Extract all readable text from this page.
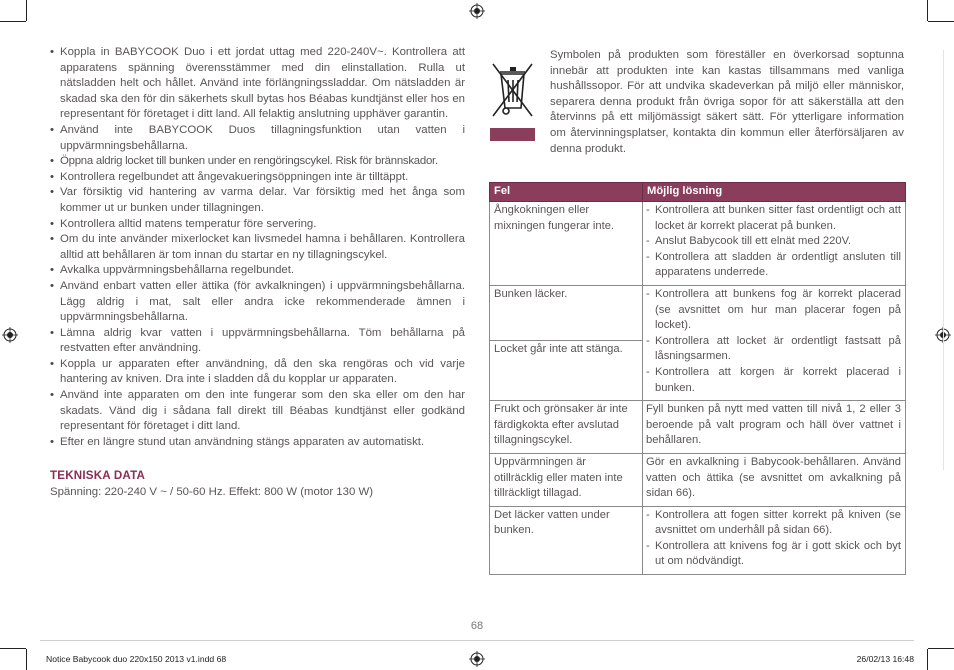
• Koppla in BABYCOOK Duo i ett jordat uttag med 220-240V~. Kontrollera att apparatens spänning överensstämmer med din elinstallation. Rulla ut nätsladden helt och hållet. Använd inte förlängningssladdar. Om nätsladden är skadad ska den för din säkerhets skull bytas hos Béabas kundtjänst eller hos en representant för företaget i ditt land. All felaktig anslutning upphäver garantin.
• Använd inte BABYCOOK Duos tillagningsfunktion utan vatten i uppvärmningsbehållarna.
• Öppna aldrig locket till bunken under en rengöringscykel. Risk för brännskador.
• Kontrollera regelbundet att ångevakueringsöppningen inte är tilltäppt.
• Var försiktig vid hantering av varma delar. Var försiktig med het ånga som kommer ut ur bunken under tillagningen.
• Kontrollera alltid matens temperatur före servering.
• Om du inte använder mixerlocket kan livsmedel hamna i behållaren. Kontrollera alltid att behållaren är tom innan du startar en ny tillagningscykel.
• Avkalka uppvärmningsbehållarna regelbundet.
• Använd enbart vatten eller ättika (för avkalkningen) i uppvärmningsbehållarna. Lägg aldrig i mat, salt eller andra icke rekommenderade ämnen i uppvärmningsbehållarna.
• Lämna aldrig kvar vatten i uppvärmningsbehållarna. Töm behållarna på restvatten efter användning.
• Koppla ur apparaten efter användning, då den ska rengöras och vid varje hantering av kniven. Dra inte i sladden då du kopplar ur apparaten.
• Använd inte apparaten om den inte fungerar som den ska eller om den har skadats. Vänd dig i sådana fall direkt till Béabas kundtjänst eller godkänd representant för företaget i ditt land.
• Efter en längre stund utan användning stängs apparaten av automatiskt.
TEKNISKA DATA
Spänning: 220-240 V ~ / 50-60 Hz. Effekt: 800 W (motor 130 W)
Symbolen på produkten som föreställer en överkorsad soptunna innebär att produkten inte kan kastas tillsammans med vanliga hushållssopor. För att undvika skadeverkan på miljö eller människor, separera denna produkt från övriga sopor för att säkerställa att den återvinns på ett miljömässigt säkert sätt. För ytterligare information om återvinningsplatser, kontakta din kommun eller återförsäljaren av denna produkt.
Fel	Möjlig lösning
Ångkokningen eller mixningen fungerar inte.	- Kontrollera att bunken sitter fast ordentligt och att locket är korrekt placerat på bunken.
- Anslut Babycook till ett elnät med 220V.
- Kontrollera att sladden är ordentligt ansluten till apparatens underrede.

Bunken läcker.	- Kontrollera att bunkens fog är korrekt placerad (se avsnittet om hur man placerar fogen på locket).
- Kontrollera att locket är ordentligt fastsatt på låsningsarmen.
- Kontrollera att korgen är korrekt placerad i bunken.

Locket går inte att stänga.	
Frukt och grönsaker är inte färdigkokta efter avslutad tillagningscykel.	Fyll bunken på nytt med vatten till nivå 1, 2 eller 3 beroende på valt program och häll över vattnet i behållaren.

Uppvärmningen är otillräcklig eller maten inte tillräckligt tillagad.	Gör en avkalkning i Babycook-behållaren. Använd vatten och ättika (se avsnittet om avkalkning på sidan 66).

Det läcker vatten under bunken.	- Kontrollera att fogen sitter korrekt på kniven (se avsnittet om underhåll på sidan 66).
- Kontrollera att knivens fog är i gott skick och byt ut om nödvändigt.
68
Notice Babycook duo 220x150 2013 v1.indd 68	26/02/13 16:48
